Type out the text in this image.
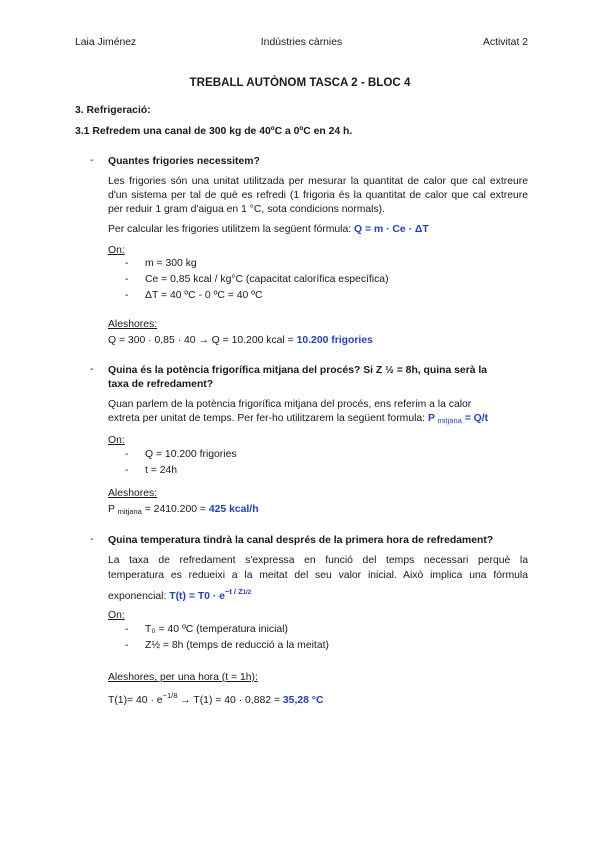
Laia Jiménez	Indústries càrnies	Activitat 2
TREBALL AUTÒNOM TASCA 2 - BLOC 4
3. Refrigeració:
3.1 Refredem una canal de 300 kg de 40ºC a 0ºC en 24 h.
- Quantes frigories necessitem?
Les frigories són una unitat utilitzada per mesurar la quantitat de calor que cal extreure d'un sistema per tal de què es refredi (1 frigoria és la quantitat de calor que cal extreure per reduir 1 gram d'aigua en 1 °C, sota condicions normals).
Per calcular les frigories utilitzem la següent fórmula: Q = m · Ce · ΔT
On:
- m = 300 kg
- Ce = 0,85 kcal / kg°C (capacitat calorífica específica)
- ΔT = 40 ºC - 0 ºC = 40 ºC
Aleshores:
Q = 300 · 0,85 · 40 → Q = 10.200 kcal = 10.200 frigories
- Quina és la potència frigorífica mitjana del procés? Si Z ½ = 8h, quina serà la
taxa de refredament?
Quan parlem de la potència frigorífica mitjana del procés, ens referim a la calor
extreta per unitat de temps. Per fer-ho utilitzarem la següent formula: P $_{mitjana}$ = Q/t
On:
- Q = 10.200 frigories
- t = 24h
Aleshores:
P $_{mitjana}$ = 2410.200 = 425 kcal/h
- Quina temperatura tindrà la canal després de la primera hora de refredament?
La taxa de refredament s'expressa en funció del temps necessari perquè la
temperatura es redueixi a la meitat del seu valor inicial. Això implica una fórmula
exponencial: $T(t) = T0 \cdot e^{-t / Z1/2}$
On:
- T₀ = 40 ºC (temperatura inicial)
- Z½ = 8h (temps de reducció a la meitat)
Aleshores, per una hora (t = 1h):
$T(1)= 40 \cdot e^{-1/8} \to T(1) = 40 \cdot 0,882 = 35,28$ °C
